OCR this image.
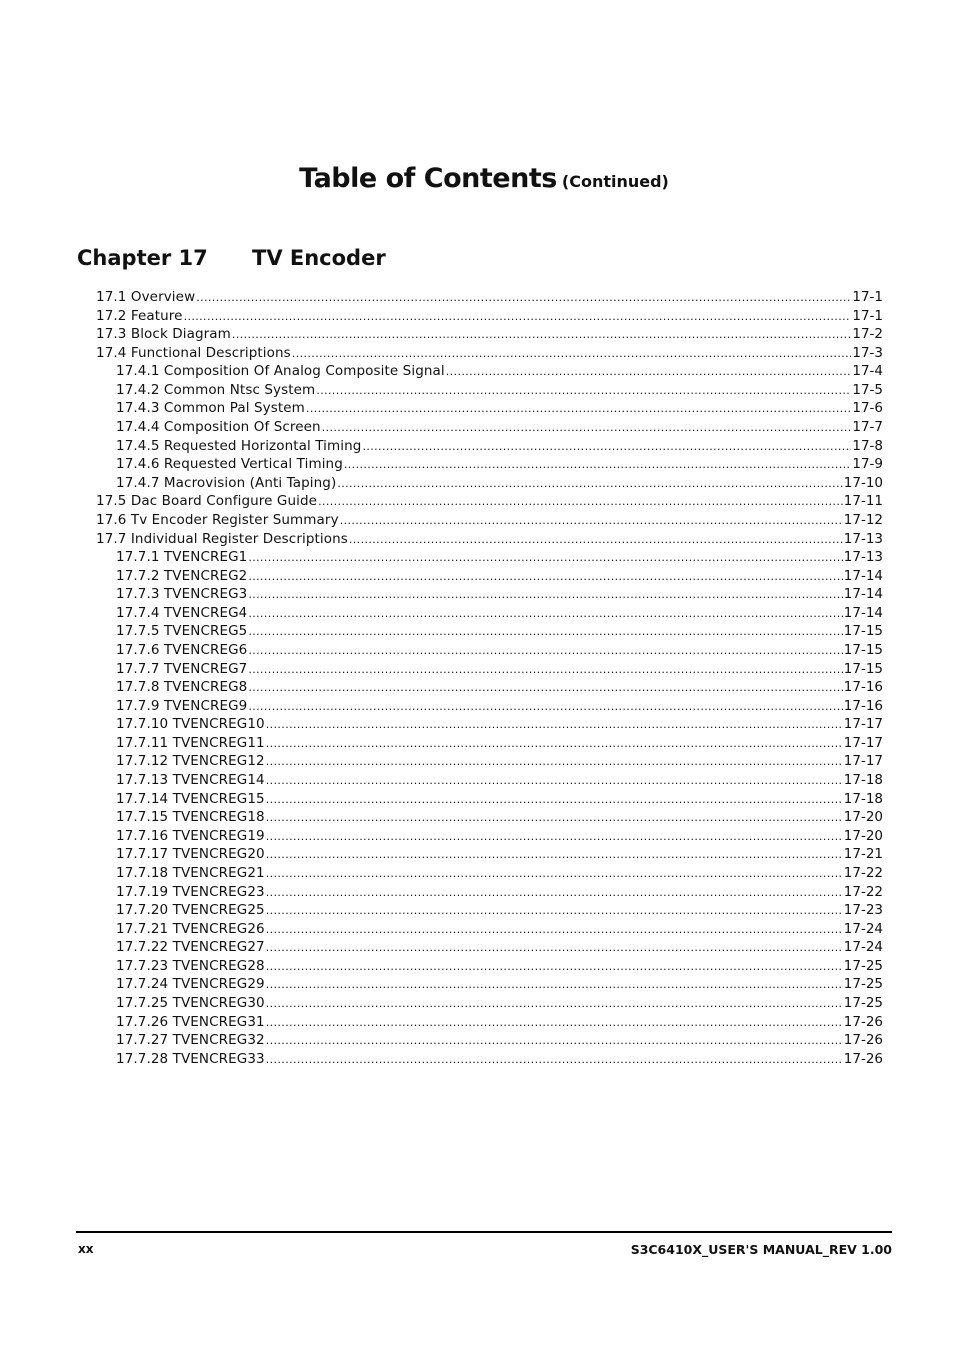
Table of Contents (Continued)
Chapter 17 TV Encoder
17.1 Overview .....	17-1
17.2 Feature .....	17-1
17.3 Block Diagram .....	17-2
17.4 Functional Descriptions .....	17-3
17.4.1 Composition Of Analog Composite Signal .....	17-4
17.4.2 Common Ntsc System .....	17-5
17.4.3 Common Pal System .....	17-6
17.4.4 Composition Of Screen .....	17-7
17.4.5 Requested Horizontal Timing .....	17-8
17.4.6 Requested Vertical Timing .....	17-9
17.4.7 Macrovision (Anti Taping) .....	17-10
17.5 Dac Board Configure Guide .....	17-11
17.6 Tv Encoder Register Summary .....	17-12
17.7 Individual Register Descriptions .....	17-13
17.7.1 TVENCREG1 .....	17-13
17.7.2 TVENCREG2 .....	17-14
17.7.3 TVENCREG3 .....	17-14
17.7.4 TVENCREG4 .....	17-14
17.7.5 TVENCREG5 .....	17-15
17.7.6 TVENCREG6 .....	17-15
17.7.7 TVENCREG7 .....	17-15
17.7.8 TVENCREG8 .....	17-16
17.7.9 TVENCREG9 .....	17-16
17.7.10 TVENCREG10 .....	17-17
17.7.11 TVENCREG11 .....	17-17
17.7.12 TVENCREG12 .....	17-17
17.7.13 TVENCREG14 .....	17-18
17.7.14 TVENCREG15 .....	17-18
17.7.15 TVENCREG18 .....	17-20
17.7.16 TVENCREG19 .....	17-20
17.7.17 TVENCREG20 .....	17-21
17.7.18 TVENCREG21 .....	17-22
17.7.19 TVENCREG23 .....	17-22
17.7.20 TVENCREG25 .....	17-23
17.7.21 TVENCREG26 .....	17-24
17.7.22 TVENCREG27 .....	17-24
17.7.23 TVENCREG28 .....	17-25
17.7.24 TVENCREG29 .....	17-25
17.7.25 TVENCREG30 .....	17-25
17.7.26 TVENCREG31 .....	17-26
17.7.27 TVENCREG32 .....	17-26
17.7.28 TVENCREG33 .....	17-26
xx	S3C6410X_USER'S MANUAL_REV 1.00
